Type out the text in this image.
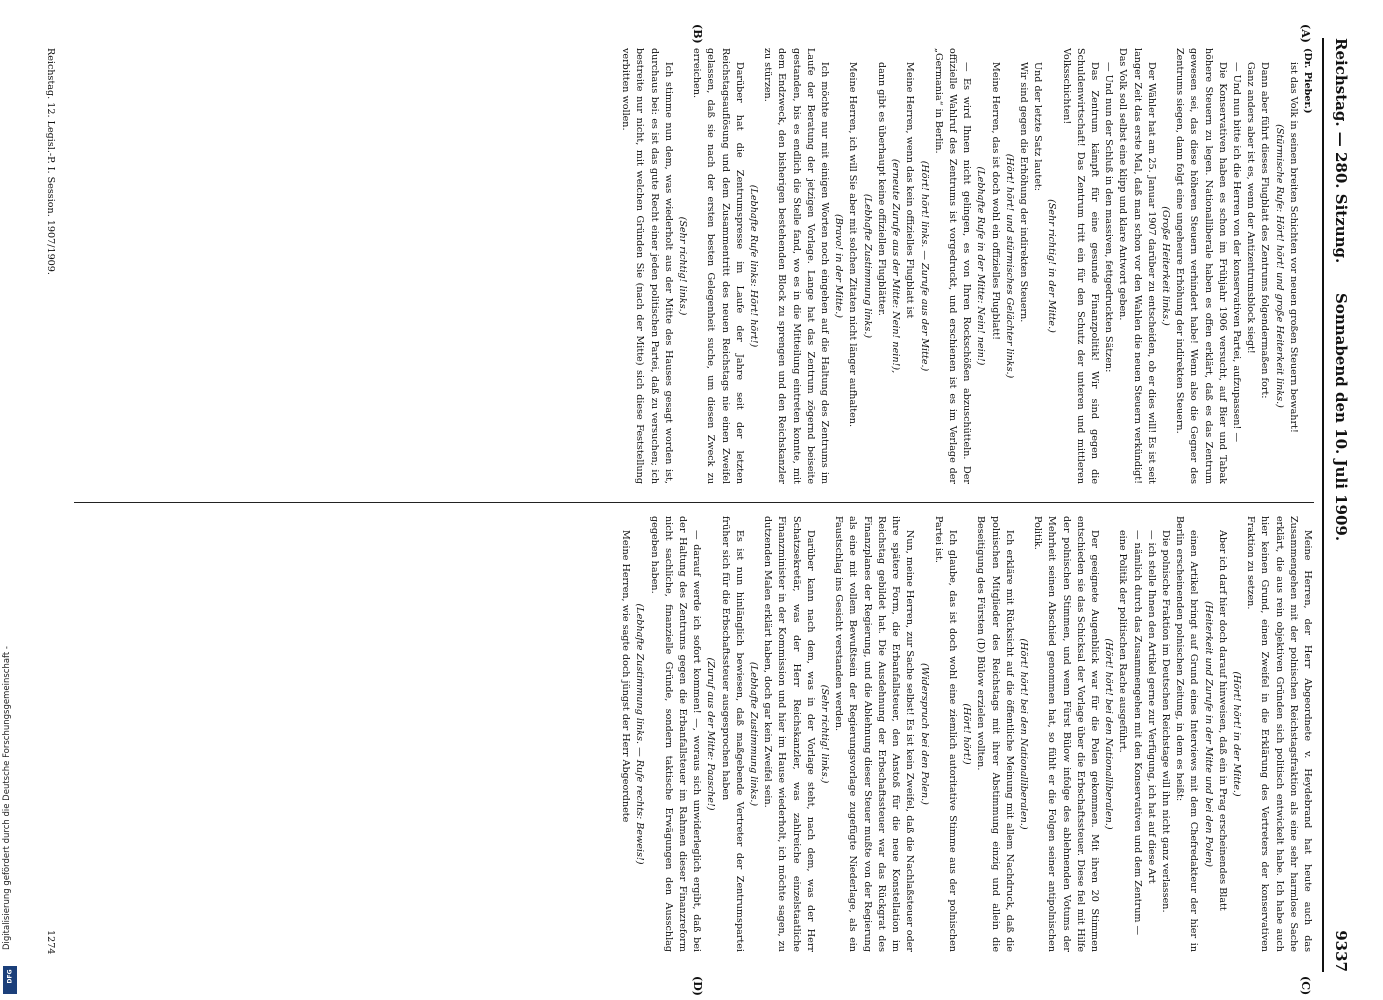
Digitalisierung gefördert durch die Deutsche Forschungsgemeinschaft -
DFG
Reichstag. — 280. Sitzung.
Sonnabend den 10. Juli 1909.
9337
(A)
(B)
(C)
(D)

(Dr. Pieber.)

ist das Volk in seinen breiten Schichten vor neuen großen Steuern bewahrt!

(Stürmische Rufe: Hört! hört! und große Heiterkeit links.)

Dann aber führt dieses Flugblatt des Zentrums folgendermaßen fort:

Ganz anders aber ist es, wenn der Antizentrumsblock siegt!

— Und nun bitte ich die Herren von der konservativen Partei, aufzupassen! —

Die Konservativen haben es schon im Frühjahr 1906 versucht, auf Bier und Tabak höhere Steuern zu legen. Nationalliberale haben es offen erklärt, daß es das Zentrum gewesen sei, das diese höheren Steuern verhindert habe! Wenn also die Gegner des Zentrums siegen, dann folgt eine ungeheure Erhöhung der indirekten Steuern.

(Große Heiterkeit links.)

Der Wähler hat am 25. Januar 1907 darüber zu entscheiden, ob er dies will! Es ist seit langer Zeit das erste Mal, daß man schon vor den Wahlen die neuen Steuern verkündigt! Das Volk soll selbst eine klipp und klare Antwort geben.

— Und nun der Schluß in den massiven, fettgedruckten Sätzen:

Das Zentrum kämpft für eine gesunde Finanzpolitik! Wir sind gegen die Schuldenwirtschaft! Das Zentrum tritt ein für den Schutz der unteren und mittleren Volksschichten!

(Sehr richtig! in der Mitte.)

Und der letzte Satz lautet:

Wir sind gegen die Erhöhung der indirekten Steuern.

(Hört! hört! und stürmisches Gelächter links.)

Meine Herren, das ist doch wohl ein offizielles Flugblatt!

(Lebhafte Rufe in der Mitte: Nein! nein!)

— Es wird Ihnen nicht gelingen, es von Ihren Rockschößen abzuschütteln. Der offizielle Wahlruf des Zentrums ist vorgedruckt, und erschienen ist es im Verlage der „Germania“ in Berlin.

(Hört! hört! links. — Zurufe aus der Mitte.)

Meine Herren, wenn das kein offizielles Flugblatt ist

(erneute Zurufe aus der Mitte: Nein! nein!),

dann gibt es überhaupt keine offiziellen Flugblätter.

(Lebhafte Zustimmung links.)

Meine Herren, ich will Sie aber mit solchen Zitaten nicht länger aufhalten.

(Bravo! in der Mitte.)

Ich möchte nur mit einigen Worten noch eingehen auf die Haltung des Zentrums im Laufe der Beratung der jetzigen Vorlage. Lange hat das Zentrum zögernd beiseite gestanden, bis es endlich die Stelle fand, wo es in die Mitteilung eintreten konnte, mit dem Endzweck, den bisherigen bestehenden Block zu sprengen und den Reichskanzler zu stürzen.

(Lebhafte Rufe links: Hört! hört!)

Darüber hat die Zentrumspresse im Laufe der Jahre seit der letzten Reichstagsauflösung und dem Zusammentritt des neuen Reichstags nie einen Zweifel gelassen, daß sie nach der ersten besten Gelegenheit suche, um diesen Zweck zu erreichen.

(Sehr richtig! links.)

Ich stimme nun dem, was wiederholt aus der Mitte des Hauses gesagt worden ist, durchaus bei: es ist das gute Recht einer jeden politischen Partei, daß zu versuchen; ich bestreite nur nicht, mit welchen Gründen Sie (nach der Mitte) sich diese Feststellung verbitten wollen.

Meine Herren, der Herr Abgeordnete v. Heydebrand hat heute auch das Zusammengehen mit der polnischen Reichstagsfraktion als eine sehr harmlose Sache erklärt, die aus rein objektiven Gründen sich politisch entwickelt habe. Ich habe auch hier keinen Grund, einen Zweifel in die Erklärung des Vertreters der konservativen Fraktion zu setzen.

(Hört! hört! in der Mitte.)

Aber ich darf hier doch darauf hinweisen, daß ein in Prag erscheinendes Blatt

(Heiterkeit und Zurufe in der Mitte und bei den Polen)

einen Artikel bringt auf Grund eines Interviews mit dem Chefredakteur der hier in Berlin erscheinenden polnischen Zeitung, in dem es heißt:

Die polnische Fraktion im Deutschen Reichstage will ihn nicht ganz verlassen.

— ich stelle Ihnen den Artikel gerne zur Verfügung, ich hat auf diese Art

— nämlich durch das Zusammengehen mit den Konservativen und dem Zentrum —

eine Politik der politischen Rache ausgeführt.

(Hört! hört! bei den Nationalliberalen.)

Der geeignete Augenblick war für die Polen gekommen. Mit ihren 20 Stimmen entschieden sie das Schicksal der Vorlage über die Erbschaftssteuer. Diese fiel mit Hilfe der polnischen Stimmen, und wenn Fürst Bülow infolge des ablehnenden Votums der Mehrheit seinen Abschied genommen hat, so fühlt er die Folgen seiner antipolnischen Politik.

(Hört! hört! bei den Nationalliberalen.)

Ich erkläre mit Rücksicht auf die öffentliche Meinung mit allem Nachdruck, daß die polnischen Mitglieder des Reichstags mit ihrer Abstimmung einzig und allein die Beseitigung des Fürsten (D) Bülow erzielen wollten.

(Hört! hört!)

Ich glaube, das ist doch wohl eine ziemlich autoritative Stimme aus der polnischen Partei ist.

(Widerspruch bei den Polen.)

Nun, meine Herren, zur Sache selbst! Es ist kein Zweifel, daß die Nachlaßsteuer oder ihre spätere Form, die Erbanfallsteuer, den Anstoß für die neue Konstellation im Reichstag gebildet hat. Die Ausdehnung der Erbschaftssteuer war das Rückgrat des Finanzplanes der Regierung, und die Ablehnung dieser Steuer mußte von der Regierung als eine mit vollem Bewußtsein der Regierungsvorlage zugefügte Niederlage, als ein Faustschlag ins Gesicht verstanden werden.

(Sehr richtig! links.)

Darüber kann nach dem, was in der Vorlage steht, nach dem, was der Herr Schatzsekretär, was der Herr Reichskanzler, was zahlreiche einzelstaatliche Finanzminister in der Kommission und hier im Hause wiederholt, ich möchte sagen, zu dutzenden Malen erklärt haben, doch gar kein Zweifel sein.

(Lebhafte Zustimmung links.)

Es ist nun hinlänglich bewiesen, daß maßgebende Vertreter der Zentrumspartei früher sich für die Erbschaftssteuer ausgesprochen haben

(Zuruf aus der Mitte: Paasche!)

— darauf werde ich sofort kommen! —, woraus sich unwiderleglich ergibt, daß bei der Haltung des Zentrums gegen die Erbanfallsteuer im Rahmen dieser Finanzreform nicht sachliche, finanzielle Gründe, sondern taktische Erwägungen den Ausschlag gegeben haben.

(Lebhafte Zustimmung links. — Rufe rechts: Beweis!)

Meine Herren, wie sagte doch jüngst der Herr Abgeordnete

Reichstag. 12. Legisl.-P. I. Session. 1907/1909.
1274
